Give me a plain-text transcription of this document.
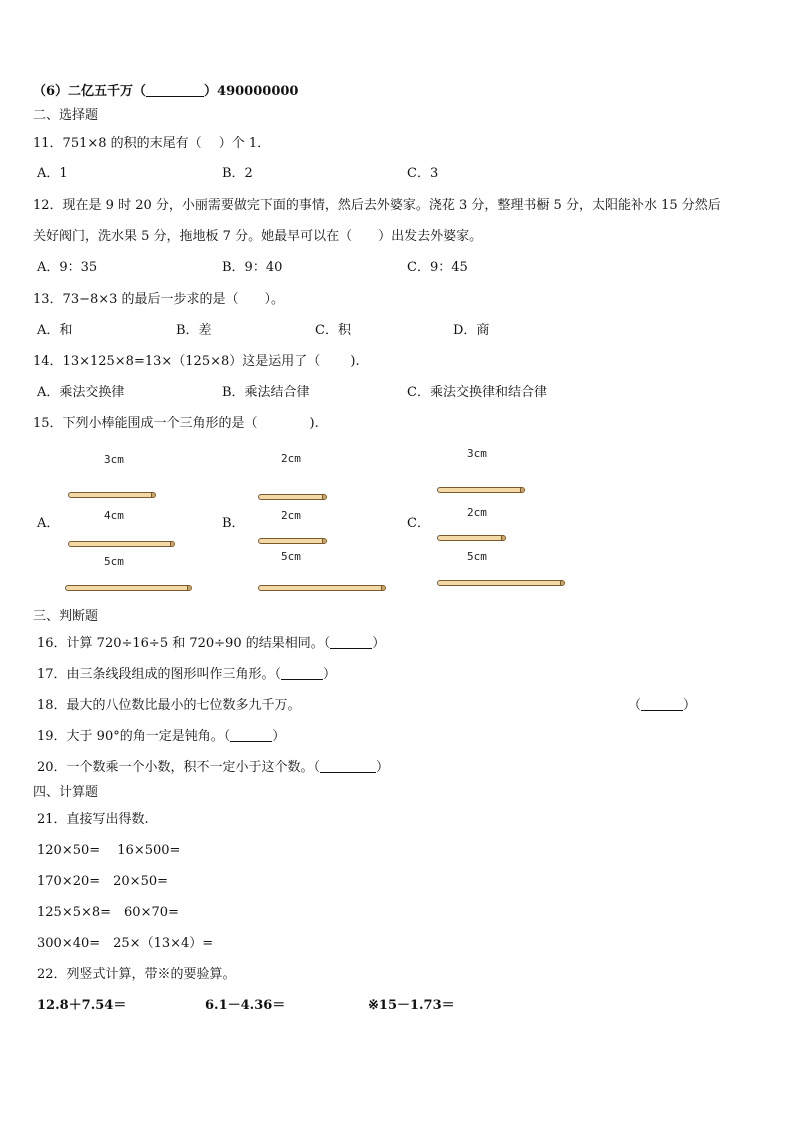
（6）二亿五千万（	）490000000
二、选择题
11．751×8 的积的末尾有（　 ）个 1．
A．1	B．2	C．3
12．现在是 9 时 20 分，小丽需要做完下面的事情，然后去外婆家。浇花 3 分，整理书橱 5 分，太阳能补水 15 分然后
关好阀门，洗水果 5 分，拖地板 7 分。她最早可以在（　　）出发去外婆家。
A．9：35	B．9：40	C．9：45
13．73−8×3 的最后一步求的是（　　）。
A．和	B．差	C．积	D．商
14．13×125×8=13×（125×8）这是运用了（　　 ).
A．乘法交换律	B．乘法结合律	C．乘法交换律和结合律
15．下列小棒能围成一个三角形的是（　　　　).
A．
3cm
4cm
5cm
B．
2cm
2cm
5cm
C．
3cm
2cm
5cm
三、判断题
16．计算 720÷16÷5 和 720÷90 的结果相同。（	）
17．由三条线段组成的图形叫作三角形。（	）
18．最大的八位数比最小的七位数多九千万。	（	）
19．大于 90°的角一定是钝角。（	）
20．一个数乘一个小数，积不一定小于这个数。（	）
四、计算题
21．直接写出得数.
120×50=　 16×500=
170×20=　20×50=
125×5×8=　60×70=
300×40=　25×（13×4）=
22．列竖式计算，带※的要验算。
12.8＋7.54＝	6.1－4.36＝	※15－1.73＝
